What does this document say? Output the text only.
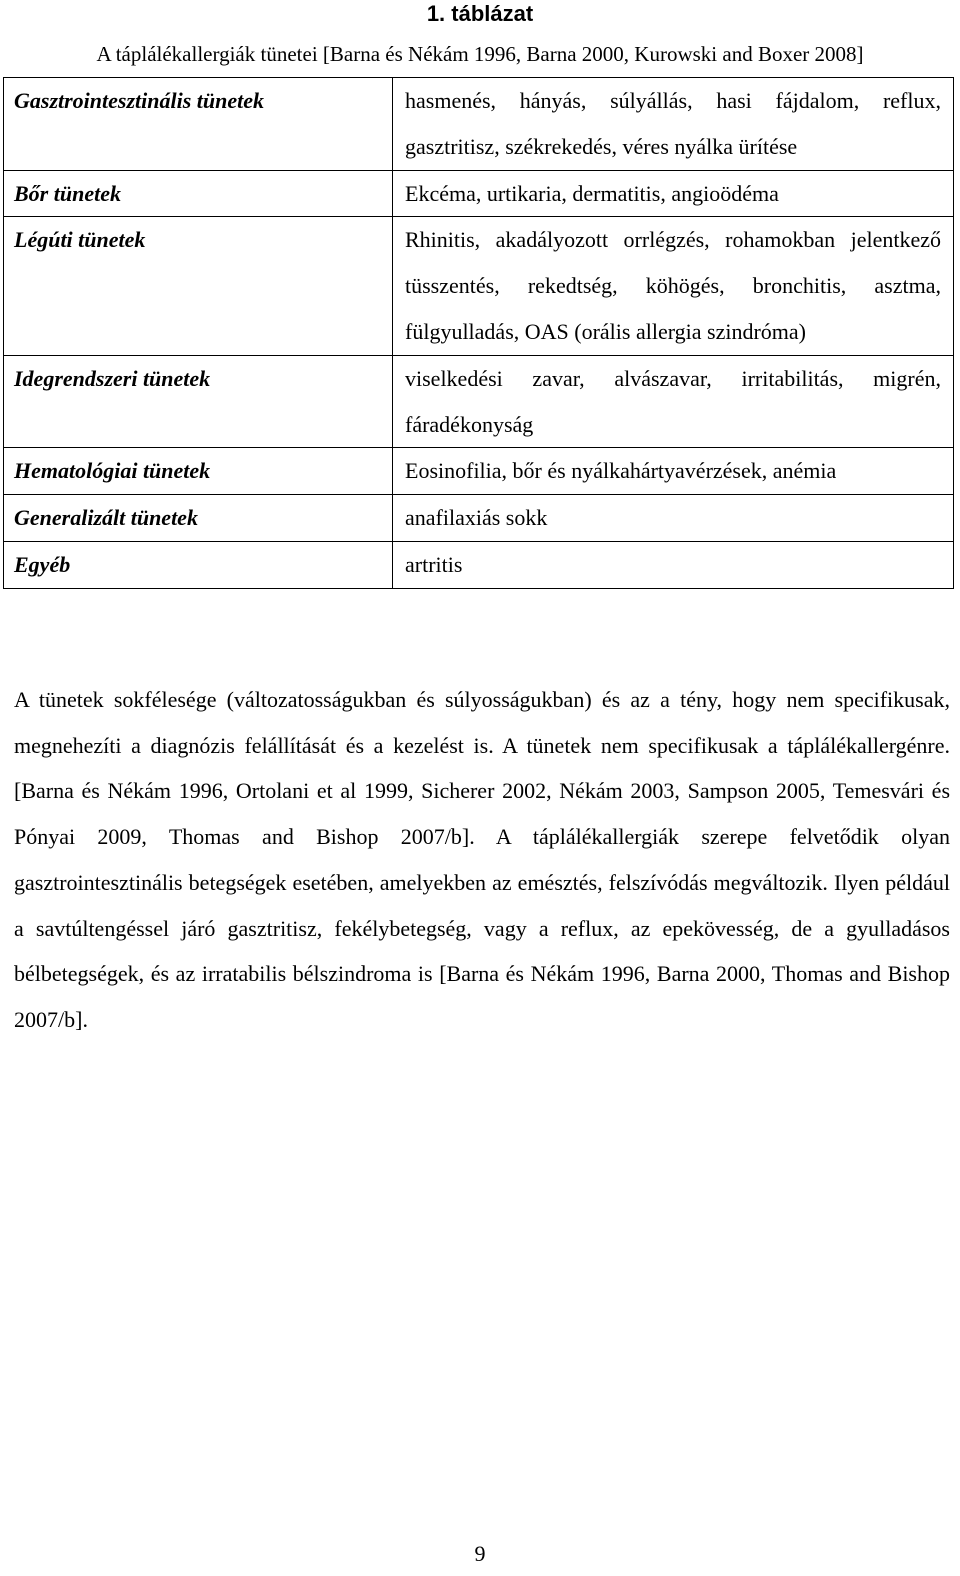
1. táblázat
A táplálékallergiák tünetei [Barna és Nékám 1996, Barna 2000, Kurowski and Boxer 2008]
Gasztrointesztinális tünetek	hasmenés, hányás, súlyállás, hasi fájdalom, reflux, gasztritisz, székrekedés, véres nyálka ürítése
Bőr tünetek	Ekcéma, urtikaria, dermatitis, angioödéma
Légúti tünetek	Rhinitis, akadályozott orrlégzés, rohamokban jelentkező tüsszentés, rekedtség, köhögés, bronchitis, asztma, fülgyulladás, OAS (orális allergia szindróma)
Idegrendszeri tünetek	viselkedési zavar, alvászavar, irritabilitás, migrén, fáradékonyság
Hematológiai tünetek	Eosinofilia, bőr és nyálkahártyavérzések, anémia
Generalizált tünetek	anafilaxiás sokk
Egyéb	artritis

A tünetek sokfélesége (változatosságukban és súlyosságukban) és az a tény, hogy nem specifikusak, megnehezíti a diagnózis felállítását és a kezelést is. A tünetek nem specifikusak a táplálékallergénre. [Barna és Nékám 1996, Ortolani et al 1999, Sicherer 2002, Nékám 2003, Sampson 2005, Temesvári és Pónyai 2009, Thomas and Bishop 2007/b]. A táplálékallergiák szerepe felvetődik olyan gasztrointesztinális betegségek esetében, amelyekben az emésztés, felszívódás megváltozik. Ilyen például a savtúltengéssel járó gasztritisz, fekélybetegség, vagy a reflux, az epekövesség, de a gyulladásos bélbetegségek, és az irratabilis bélszindroma is [Barna és Nékám 1996, Barna 2000, Thomas and Bishop 2007/b].

9
